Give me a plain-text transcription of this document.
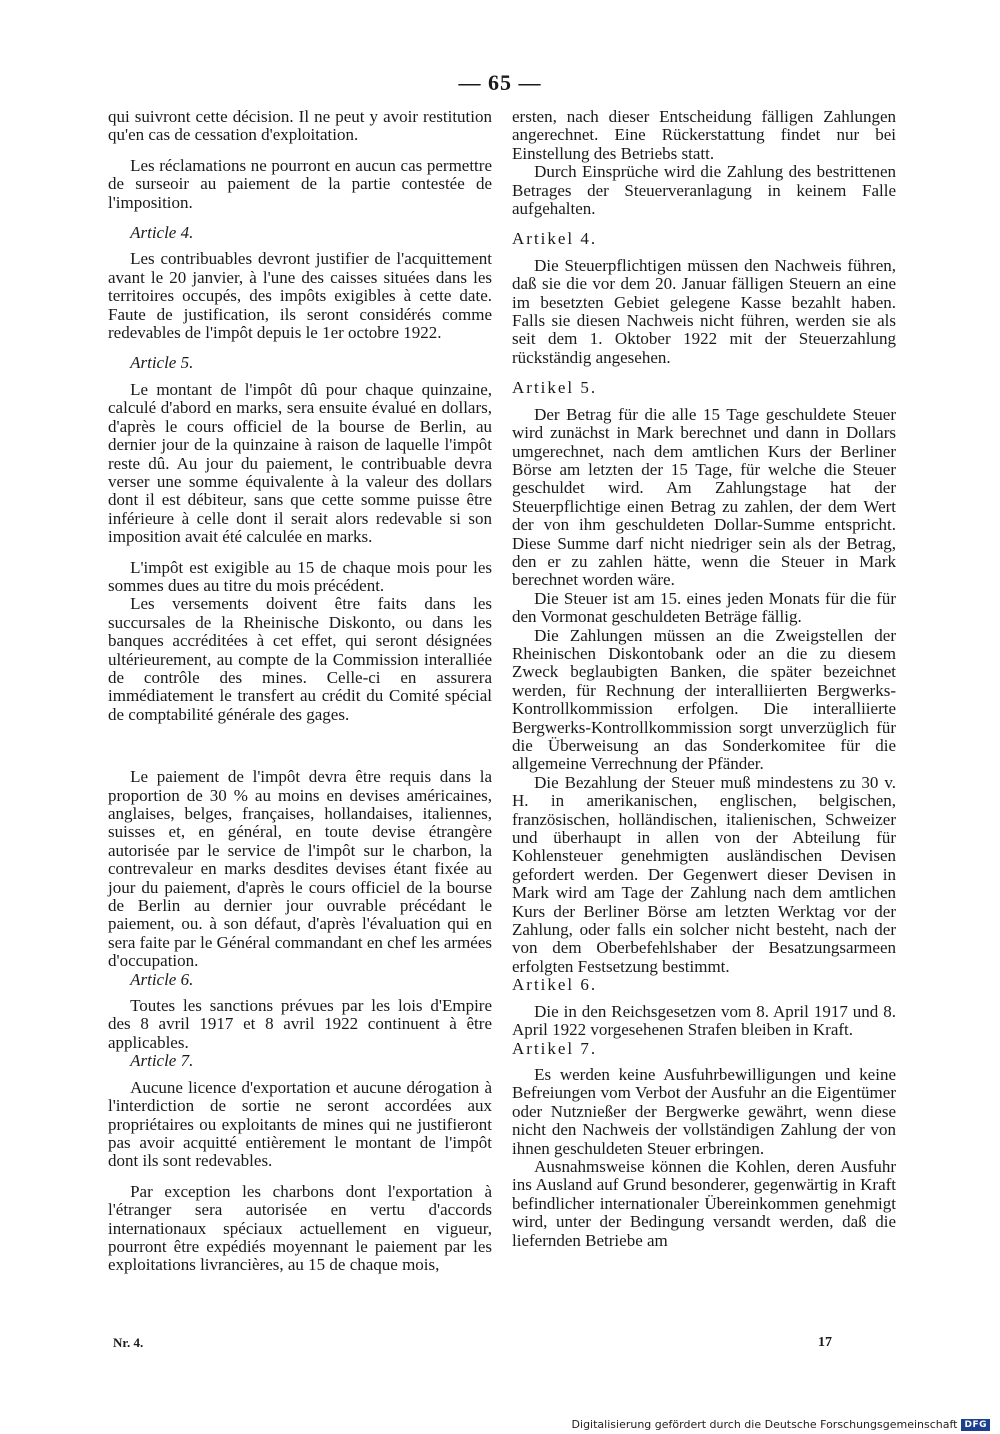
— 65 —

qui suivront cette décision. Il ne peut y avoir restitution qu'en cas de cessation d'exploitation.

Les réclamations ne pourront en aucun cas permettre de surseoir au paiement de la partie contestée de l'imposition.

Article 4.

Les contribuables devront justifier de l'acquittement avant le 20 janvier, à l'une des caisses situées dans les territoires occupés, des impôts exigibles à cette date. Faute de justification, ils seront considérés comme redevables de l'impôt depuis le 1er octobre 1922.

Article 5.

Le montant de l'impôt dû pour chaque quinzaine, calculé d'abord en marks, sera ensuite évalué en dollars, d'après le cours officiel de la bourse de Berlin, au dernier jour de la quinzaine à raison de laquelle l'impôt reste dû. Au jour du paiement, le contribuable devra verser une somme équivalente à la valeur des dollars dont il est débiteur, sans que cette somme puisse être inférieure à celle dont il serait alors redevable si son imposition avait été calculée en marks.

L'impôt est exigible au 15 de chaque mois pour les sommes dues au titre du mois précédent.

Les versements doivent être faits dans les succursales de la Rheinische Diskonto, ou dans les banques accréditées à cet effet, qui seront désignées ultérieurement, au compte de la Commission interalliée de contrôle des mines. Celle-ci en assurera immédiatement le transfert au crédit du Comité spécial de comptabilité générale des gages.

Le paiement de l'impôt devra être requis dans la proportion de 30 % au moins en devises américaines, anglaises, belges, françaises, hollandaises, italiennes, suisses et, en général, en toute devise étrangère autorisée par le service de l'impôt sur le charbon, la contrevaleur en marks desdites devises étant fixée au jour du paiement, d'après le cours officiel de la bourse de Berlin au dernier jour ouvrable précédant le paiement, ou. à son défaut, d'après l'évaluation qui en sera faite par le Général commandant en chef les armées d'occupation.

Article 6.

Toutes les sanctions prévues par les lois d'Empire des 8 avril 1917 et 8 avril 1922 continuent à être applicables.

Article 7.

Aucune licence d'exportation et aucune dérogation à l'interdiction de sortie ne seront accordées aux propriétaires ou exploitants de mines qui ne justifieront pas avoir acquitté entièrement le montant de l'impôt dont ils sont redevables.

Par exception les charbons dont l'exportation à l'étranger sera autorisée en vertu d'accords internationaux spéciaux actuellement en vigueur, pourront être expédiés moyennant le paiement par les exploitations livrancières, au 15 de chaque mois,

ersten, nach dieser Entscheidung fälligen Zahlungen angerechnet. Eine Rückerstattung findet nur bei Einstellung des Betriebs statt.

Durch Einsprüche wird die Zahlung des bestrittenen Betrages der Steuerveranlagung in keinem Falle aufgehalten.

Artikel 4.

Die Steuerpflichtigen müssen den Nachweis führen, daß sie die vor dem 20. Januar fälligen Steuern an eine im besetzten Gebiet gelegene Kasse bezahlt haben. Falls sie diesen Nachweis nicht führen, werden sie als seit dem 1. Oktober 1922 mit der Steuerzahlung rückständig angesehen.

Artikel 5.

Der Betrag für die alle 15 Tage geschuldete Steuer wird zunächst in Mark berechnet und dann in Dollars umgerechnet, nach dem amtlichen Kurs der Berliner Börse am letzten der 15 Tage, für welche die Steuer geschuldet wird. Am Zahlungstage hat der Steuerpflichtige einen Betrag zu zahlen, der dem Wert der von ihm geschuldeten Dollar-Summe entspricht. Diese Summe darf nicht niedriger sein als der Betrag, den er zu zahlen hätte, wenn die Steuer in Mark berechnet worden wäre.

Die Steuer ist am 15. eines jeden Monats für die für den Vormonat geschuldeten Beträge fällig.

Die Zahlungen müssen an die Zweigstellen der Rheinischen Diskontobank oder an die zu diesem Zweck beglaubigten Banken, die später bezeichnet werden, für Rechnung der interalliierten Bergwerks-Kontrollkommission erfolgen. Die interalliierte Bergwerks-Kontrollkommission sorgt unverzüglich für die Überweisung an das Sonderkomitee für die allgemeine Verrechnung der Pfänder.

Die Bezahlung der Steuer muß mindestens zu 30 v. H. in amerikanischen, englischen, belgischen, französischen, holländischen, italienischen, Schweizer und überhaupt in allen von der Abteilung für Kohlensteuer genehmigten ausländischen Devisen gefordert werden. Der Gegenwert dieser Devisen in Mark wird am Tage der Zahlung nach dem amtlichen Kurs der Berliner Börse am letzten Werktag vor der Zahlung, oder falls ein solcher nicht besteht, nach der von dem Oberbefehlshaber der Besatzungsarmeen erfolgten Festsetzung bestimmt.

Artikel 6.

Die in den Reichsgesetzen vom 8. April 1917 und 8. April 1922 vorgesehenen Strafen bleiben in Kraft.

Artikel 7.

Es werden keine Ausfuhrbewilligungen und keine Befreiungen vom Verbot der Ausfuhr an die Eigentümer oder Nutznießer der Bergwerke gewährt, wenn diese nicht den Nachweis der vollständigen Zahlung der von ihnen geschuldeten Steuer erbringen.

Ausnahmsweise können die Kohlen, deren Ausfuhr ins Ausland auf Grund besonderer, gegenwärtig in Kraft befindlicher internationaler Übereinkommen genehmigt wird, unter der Bedingung versandt werden, daß die liefernden Betriebe am

Nr. 4.	17
Digitalisierung gefördert durch die Deutsche Forschungsgemeinschaft DFG
